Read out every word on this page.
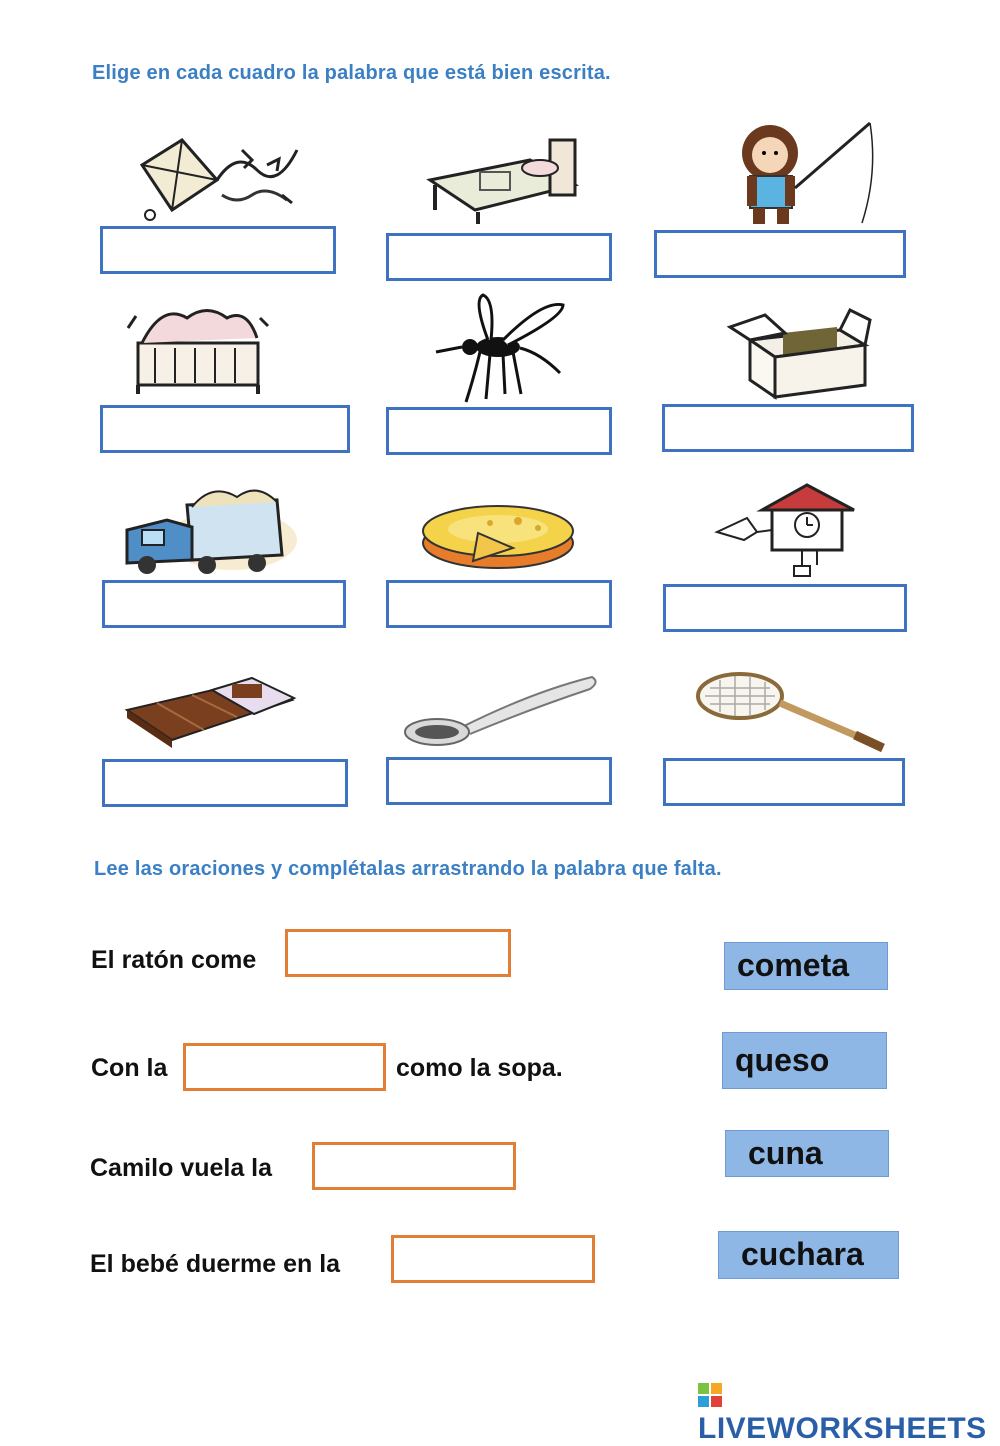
Elige en cada cuadro la palabra que está bien escrita.
Lee las oraciones y complétalas arrastrando la palabra que falta.
El ratón come
Con la	como la sopa.
Camilo vuela la
El bebé duerme en la
cometa
queso
cuna
cuchara
LIVEWORKSHEETS
